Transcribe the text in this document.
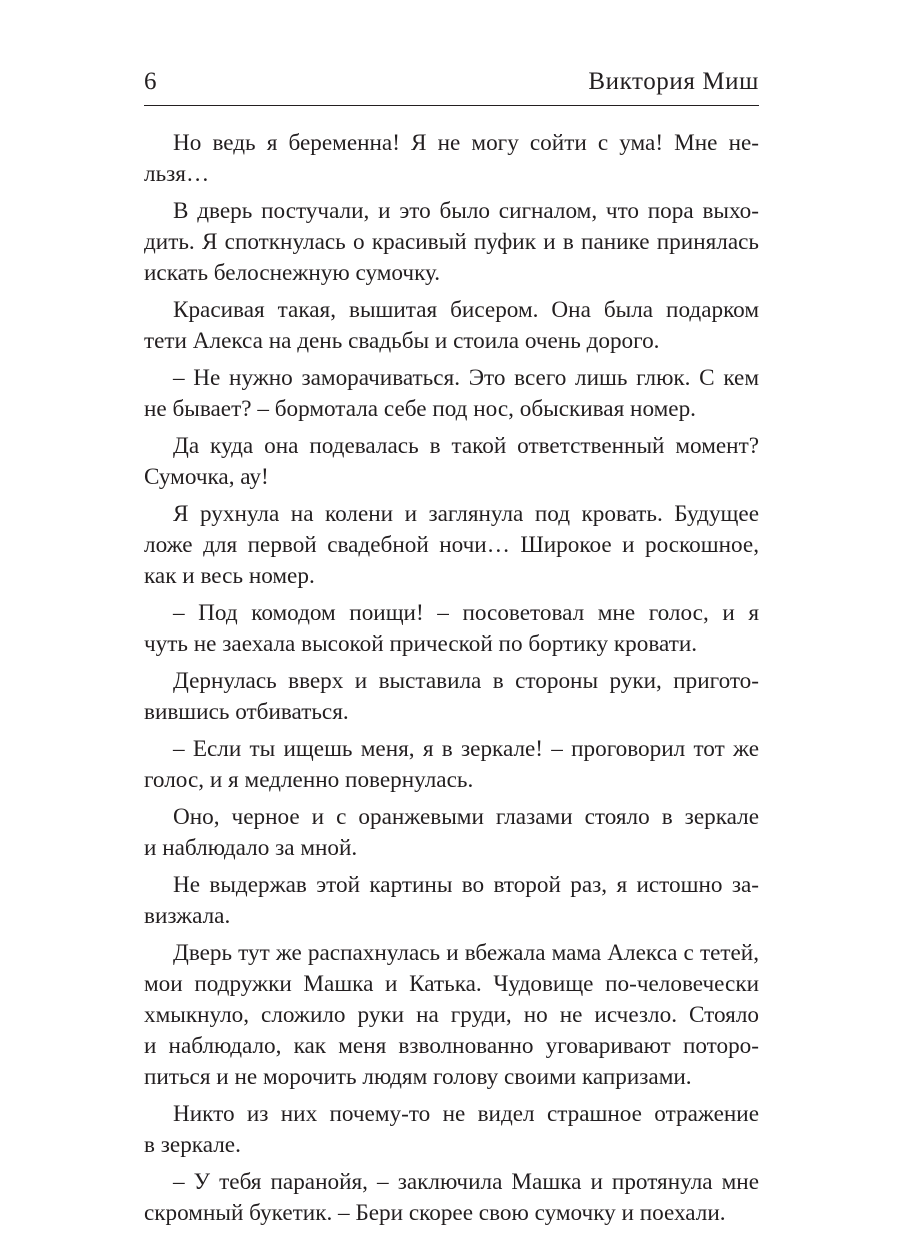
6	Виктория Миш

Но ведь я беременна! Я не могу сойти с ума! Мне не-
льзя…

В дверь постучали, и это было сигналом, что пора выхо-
дить. Я споткнулась о красивый пуфик и в панике принялась
искать белоснежную сумочку.

Красивая такая, вышитая бисером. Она была подарком
тети Алекса на день свадьбы и стоила очень дорого.

– Не нужно заморачиваться. Это всего лишь глюк. С кем
не бывает? – бормотала себе под нос, обыскивая номер.

Да куда она подевалась в такой ответственный момент?
Сумочка, ау!

Я рухнула на колени и заглянула под кровать. Будущее
ложе для первой свадебной ночи… Широкое и роскошное,
как и весь номер.

– Под комодом поищи! – посоветовал мне голос, и я
чуть не заехала высокой прической по бортику кровати.

Дернулась вверх и выставила в стороны руки, пригото-
вившись отбиваться.

– Если ты ищешь меня, я в зеркале! – проговорил тот же
голос, и я медленно повернулась.

Оно, черное и с оранжевыми глазами стояло в зеркале
и наблюдало за мной.

Не выдержав этой картины во второй раз, я истошно за-
визжала.

Дверь тут же распахнулась и вбежала мама Алекса с тетей,
мои подружки Машка и Катька. Чудовище по-человечески
хмыкнуло, сложило руки на груди, но не исчезло. Стояло
и наблюдало, как меня взволнованно уговаривают поторо-
питься и не морочить людям голову своими капризами.

Никто из них почему-то не видел страшное отражение
в зеркале.

– У тебя паранойя, – заключила Машка и протянула мне
скромный букетик. – Бери скорее свою сумочку и поехали.
